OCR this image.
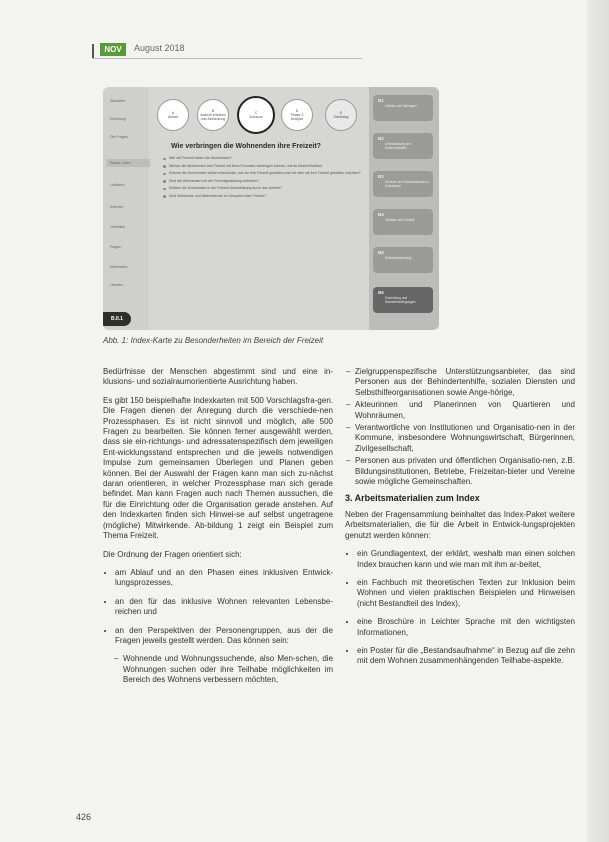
NOV	August 2018
Startseite
Einleitung
Die Fragen
Thema: Index
Leitideen
Kriterien
Überblick
Fragen
Materialien
Literatur
B.II.1
A
Ablauf
B
Ansicht erfahren
und Zielsetzung
C
Zuhause
D
Phase 2
Analyse
E
Zieldialog
Wie verbringen die Wohnenden ihre Freizeit?
Wie viel Freizeit haben die Wohnenden?
Wie/wo die Wohnenden ihre Freizeit mit ihren Freunden verbringen können, wie im Bezirk/Stadtteil.
Können die Wohnenden selbst entscheiden, wie sie ihre Freizeit gestalten und mit wem sie ihre Freizeit gestalten möchten?
Sind die Wohnenden mit der Freizeitgestaltung zufrieden?
Erleben die Wohnenden in der Freizeit Unterstützung durch das Umfeld?
Sind Wohnende und Mitarbeitende im Gespräch über Freizeit?
B1
Leitbild und Haltungen
B2
Unterstützung und Kommunikation
B3
Wohnen und Nachbarschaft im Sozialraum
B4
Teilhabe und Freizeit
B5
Selbstbestimmung
B6
Einrichtung und Rahmenbedingungen
Abb. 1: Index-Karte zu Besonderheiten im Bereich der Freizeit

Bedürfnisse der Menschen abgestimmt sind und eine in-klusions- und sozialraumorientierte Ausrichtung haben.

Es gibt 150 beispielhafte Indexkarten mit 500 Vorschlagsfra-gen. Die Fragen dienen der Anregung durch die verschiede-nen Prozessphasen. Es ist nicht sinnvoll und möglich, alle 500 Fragen zu bearbeiten. Sie können ferner ausgewählt werden, dass sie ein-richtungs- und adressatenspezifisch dem jeweiligen Ent-wicklungsstand entsprechen und die jeweils notwendigen Impulse zum gemeinsamen Überlegen und Planen geben können. Bei der Auswahl der Fragen kann man sich zu-nächst daran orientieren, in welcher Prozessphase man sich gerade befindet. Man kann Fragen auch nach Themen aussuchen, die für die Einrichtung oder die Organisation gerade anstehen. Auf den Indexkarten finden sich Hinwei-se auf selbst ungetragene (mögliche) Mitwirkende. Ab-bildung 1 zeigt ein Beispiel zum Thema Freizeit.

Die Ordnung der Fragen orientiert sich:

• am Ablauf und an den Phasen eines inklusiven Entwick-lungsprozesses,
• an den für das inklusive Wohnen relevanten Lebensbe-reichen und
• an den Perspektiven der Personengruppen, aus der die Fragen jeweils gestellt werden. Das können sein:
– Wohnende und Wohnungssuchende, also Men-schen, die Wohnungen suchen oder ihre Teilhabe möglichkeiten im Bereich des Wohnens verbessern möchten,
– Zielgruppenspezifische Unterstützungsanbieter, das sind Personen aus der Behindertenhilfe, sozialen Diensten und Selbsthilfeorganisationen sowie Ange-hörige,
– Akteurinnen und Planerinnen von Quartieren und Wohnräumen,
– Verantwortliche von Institutionen und Organisatio-nen in der Kommune, insbesondere Wohnungswirtschaft, Bürgerinnen, Zivilgesellschaft,
– Personen aus privaten und öffentlichen Organisatio-nen, z.B. Bildungsinstitutionen, Betriebe, Freizeitan-bieter und Vereine sowie mögliche Gemeinschaften.
3. Arbeitsmaterialien zum Index

Neben der Fragensammlung beinhaltet das Index-Paket weitere Arbeitsmaterialien, die für die Arbeit in Entwick-lungsprojekten genutzt werden können:

• ein Grundlagentext, der erklärt, weshalb man einen solchen Index brauchen kann und wie man mit ihm ar-beitet,
• ein Fachbuch mit theoretischen Texten zur Inklusion beim Wohnen und vielen praktischen Beispielen und Hinweisen (nicht Bestandteil des Index),
• eine Broschüre in Leichter Sprache mit den wichtigsten Informationen,
• ein Poster für die „Bestandsaufnahme“ in Bezug auf die zehn mit dem Wohnen zusammenhängenden Teilhabe-aspekte.
426
